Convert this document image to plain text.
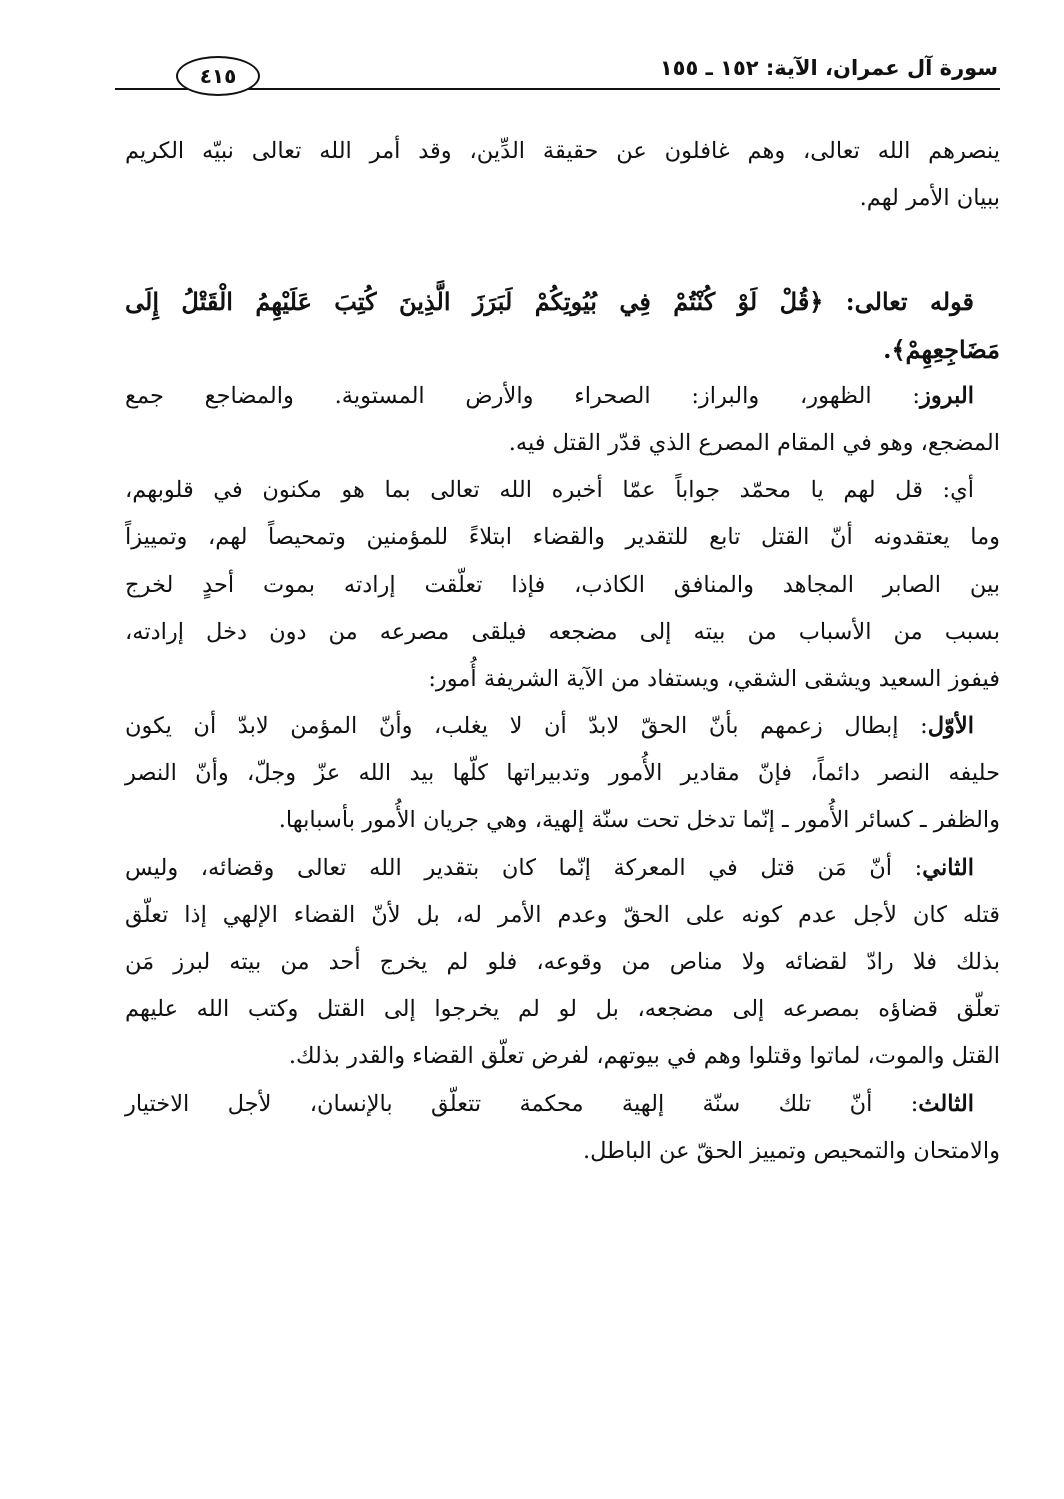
سورة آل عمران، الآية: ١٥٢ ـ ١٥٥
٤١٥
ينصرهم الله تعالى، وهم غافلون عن حقيقة الدِّين، وقد أمر الله تعالى نبيّه الكريم
ببيان الأمر لهم.
قوله تعالى: ﴿قُلْ لَوْ كُنْتُمْ فِي بُيُوتِكُمْ لَبَرَزَ الَّذِينَ كُتِبَ عَلَيْهِمُ الْقَتْلُ إِلَى
مَضَاجِعِهِمْ﴾.
البروز: الظهور، والبراز: الصحراء والأرض المستوية. والمضاجع جمع
المضجع، وهو في المقام المصرع الذي قدّر القتل فيه.
أي: قل لهم يا محمّد جواباً عمّا أخبره الله تعالى بما هو مكنون في قلوبهم،
وما يعتقدونه أنّ القتل تابع للتقدير والقضاء ابتلاءً للمؤمنين وتمحيصاً لهم، وتمييزاً
بين الصابر المجاهد والمنافق الكاذب، فإذا تعلّقت إرادته بموت أحدٍ لخرج
بسبب من الأسباب من بيته إلى مضجعه فيلقى مصرعه من دون دخل إرادته،
فيفوز السعيد ويشقى الشقي، ويستفاد من الآية الشريفة أُمور:
الأوّل: إبطال زعمهم بأنّ الحقّ لابدّ أن لا يغلب، وأنّ المؤمن لابدّ أن يكون
حليفه النصر دائماً، فإنّ مقادير الأُمور وتدبيراتها كلّها بيد الله عزّ وجلّ، وأنّ النصر
والظفر ـ كسائر الأُمور ـ إنّما تدخل تحت سنّة إلهية، وهي جريان الأُمور بأسبابها.
الثاني: أنّ مَن قتل في المعركة إنّما كان بتقدير الله تعالى وقضائه، وليس
قتله كان لأجل عدم كونه على الحقّ وعدم الأمر له، بل لأنّ القضاء الإلهي إذا تعلّق
بذلك فلا رادّ لقضائه ولا مناص من وقوعه، فلو لم يخرج أحد من بيته لبرز مَن
تعلّق قضاؤه بمصرعه إلى مضجعه، بل لو لم يخرجوا إلى القتل وكتب الله عليهم
القتل والموت، لماتوا وقتلوا وهم في بيوتهم، لفرض تعلّق القضاء والقدر بذلك.
الثالث: أنّ تلك سنّة إلهية محكمة تتعلّق بالإنسان، لأجل الاختيار
والامتحان والتمحيص وتمييز الحقّ عن الباطل.
